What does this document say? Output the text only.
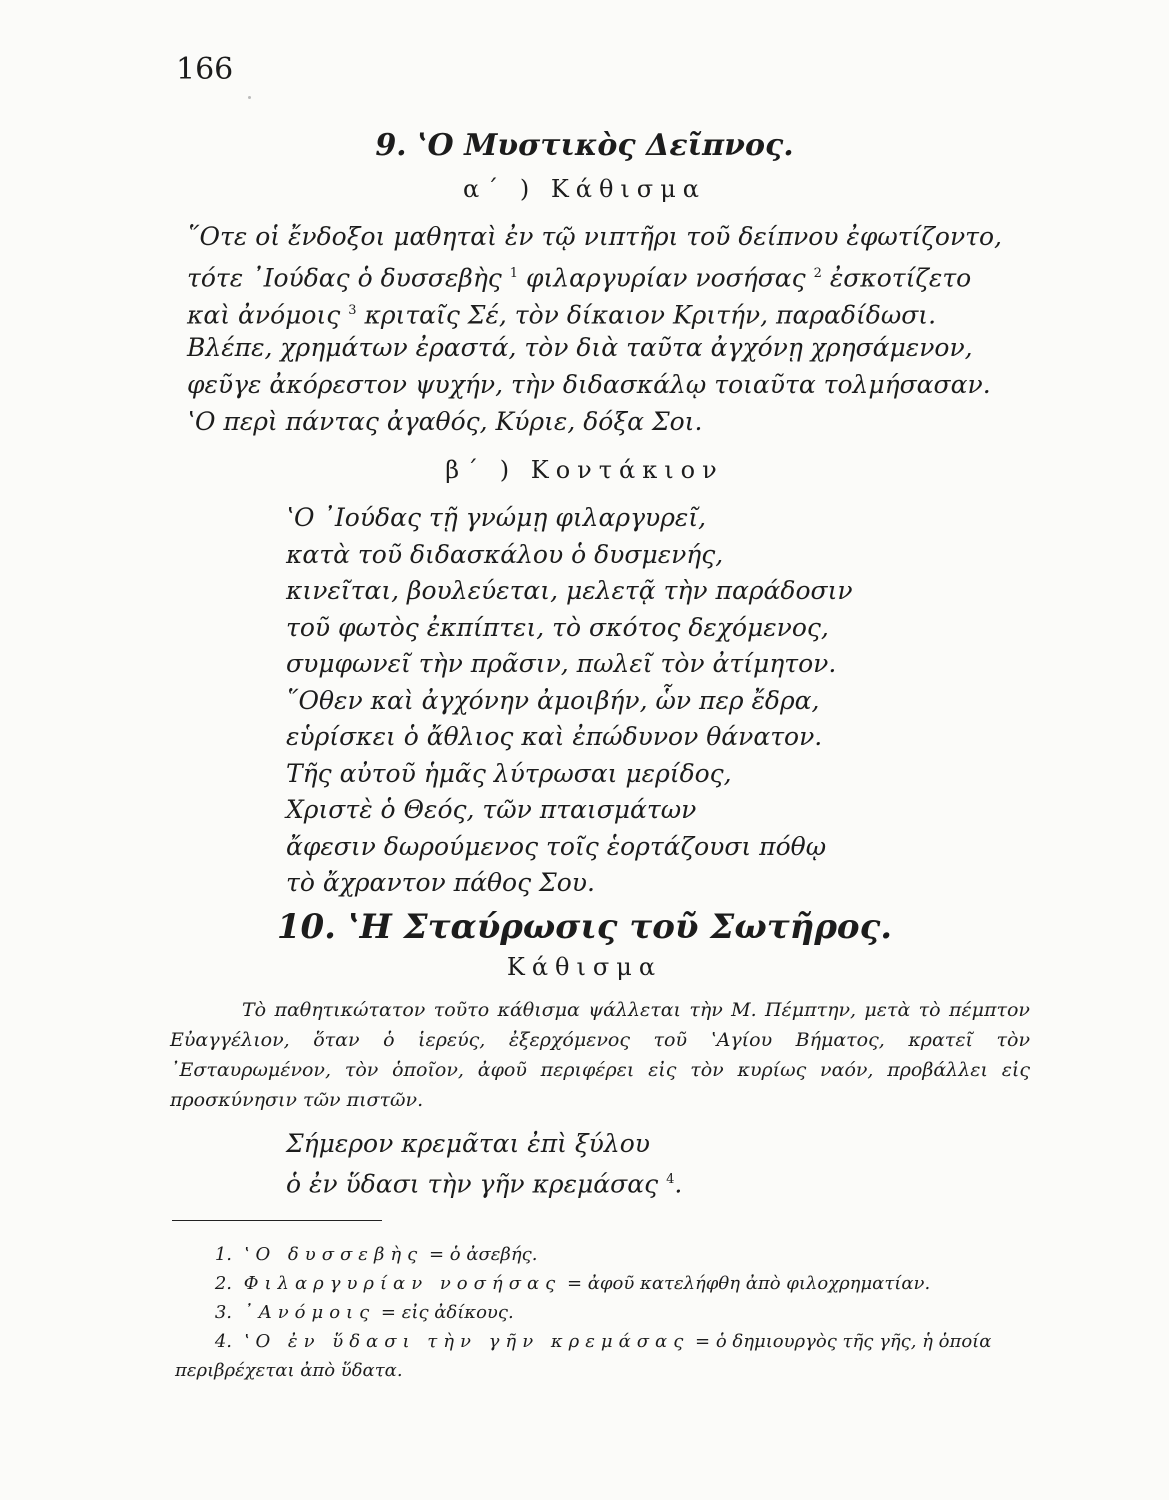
166
9. ʽΟ Μυστικὸς Δεῖπνος.
α´ ) Κάθισμα
῞Οτε οἱ ἔνδοξοι μαθηταὶ ἐν τῷ νιπτῆρι τοῦ δείπνου ἐφωτίζοντο,
τότε ᾿Ιούδας ὁ δυσσεβὴς $^1$ φιλαργυρίαν νοσήσας $^2$ ἐσκοτίζετο
καὶ ἀνόμοις $^3$ κριταῖς Σέ, τὸν δίκαιον Κριτήν, παραδίδωσι.
Βλέπε, χρημάτων ἐραστά, τὸν διὰ ταῦτα ἀγχόνῃ χρησάμενον,
φεῦγε ἀκόρεστον ψυχήν, τὴν διδασκάλῳ τοιαῦτα τολμήσασαν.
ʽΟ περὶ πάντας ἀγαθός, Κύριε, δόξα Σοι.
β´ ) Κοντάκιον
ʽΟ ᾿Ιούδας τῇ γνώμῃ φιλαργυρεῖ,
κατὰ τοῦ διδασκάλου ὁ δυσμενής,
κινεῖται, βουλεύεται, μελετᾷ τὴν παράδοσιν
τοῦ φωτὸς ἐκπίπτει, τὸ σκότος δεχόμενος,
συμφωνεῖ τὴν πρᾶσιν, πωλεῖ τὸν ἀτίμητον.
῞Οθεν καὶ ἀγχόνην ἀμοιβήν, ὧν περ ἔδρα,
εὑρίσκει ὁ ἄθλιος καὶ ἐπώδυνον θάνατον.
Τῆς αὐτοῦ ἡμᾶς λύτρωσαι μερίδος,
Χριστὲ ὁ Θεός, τῶν πταισμάτων
ἄφεσιν δωρούμενος τοῖς ἑορτάζουσι πόθῳ
τὸ ἄχραντον πάθος Σου.
10. ʽΗ Σταύρωσις τοῦ Σωτῆρος.
Κάθισμα
Τὸ παθητικώτατον τοῦτο κάθισμα ψάλλεται τὴν Μ. Πέμπτην, μετὰ τὸ πέμπτον Εὐαγγέλιον, ὅταν ὁ ἱερεύς, ἐξερχόμενος τοῦ ʽΑγίου Βήματος, κρατεῖ τὸν ᾿Εσταυρωμένον, τὸν ὁποῖον, ἀφοῦ περιφέρει εἰς τὸν κυρίως ναόν, προβάλλει εἰς προσκύνησιν τῶν πιστῶν.
Σήμερον κρεμᾶται ἐπὶ ξύλου
ὁ ἐν ὕδασι τὴν γῆν κρεμάσας $^4$.
1. ʽΟ δυσσεβὴς = ὁ ἀσεβής.
2. Φιλαργυρίαν νοσήσας = ἀφοῦ κατελήφθη ἀπὸ φιλοχρηματίαν.
3. ᾿Ανόμοις = εἰς ἀδίκους.
4. ʽΟ ἐν ὕδασι τὴν γῆν κρεμάσας = ὁ δημιουργὸς τῆς γῆς, ἡ ὁποία περιβρέχεται ἀπὸ ὕδατα.
